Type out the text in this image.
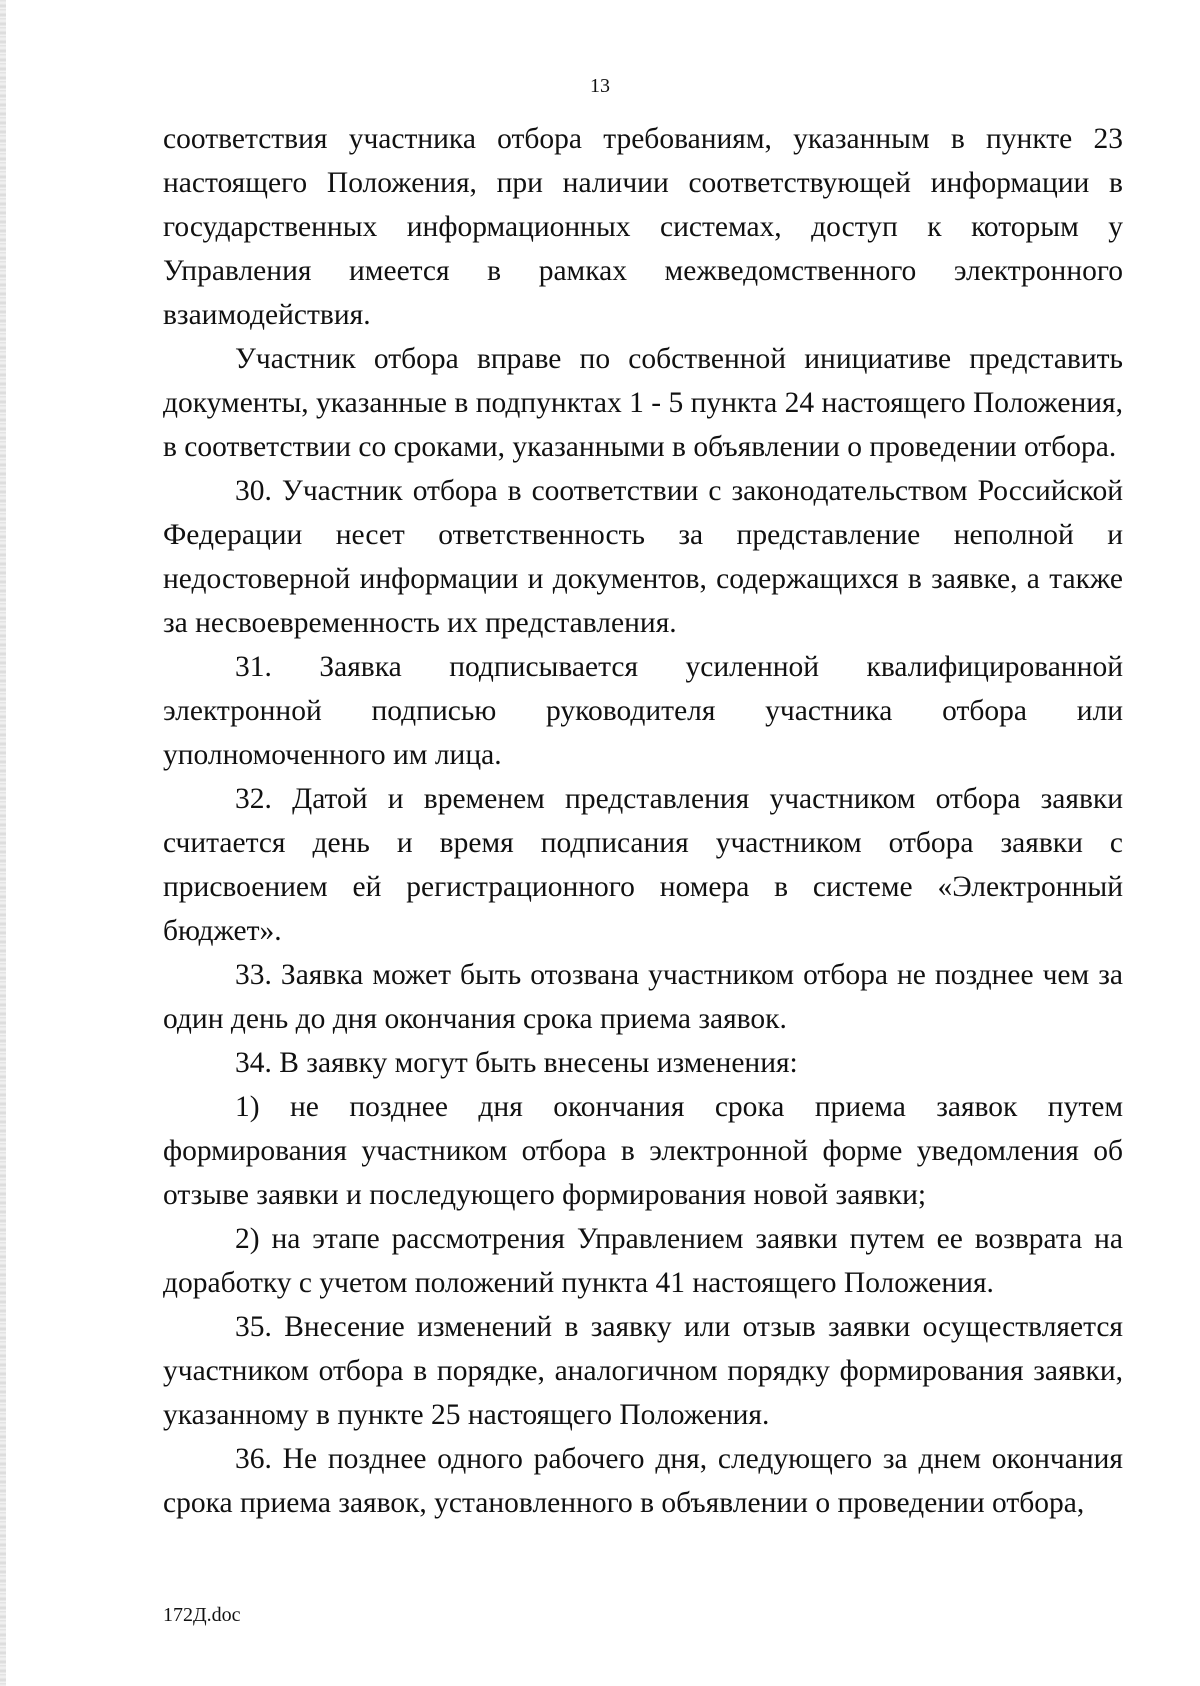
13

соответствия участника отбора требованиям, указанным в пункте 23 настоящего Положения, при наличии соответствующей информации в государственных информационных системах, доступ к которым у Управления имеется в рамках межведомственного электронного взаимодействия.

Участник отбора вправе по собственной инициативе представить документы, указанные в подпунктах 1 - 5 пункта 24 настоящего Положения, в соответствии со сроками, указанными в объявлении о проведении отбора.

30. Участник отбора в соответствии с законодательством Российской Федерации несет ответственность за представление неполной и недостоверной информации и документов, содержащихся в заявке, а также за несвоевременность их представления.

31. Заявка подписывается усиленной квалифицированной электронной подписью руководителя участника отбора или уполномоченного им лица.

32. Датой и временем представления участником отбора заявки считается день и время подписания участником отбора заявки с присвоением ей регистрационного номера в системе «Электронный бюджет».

33. Заявка может быть отозвана участником отбора не позднее чем за один день до дня окончания срока приема заявок.

34. В заявку могут быть внесены изменения:

1) не позднее дня окончания срока приема заявок путем формирования участником отбора в электронной форме уведомления об отзыве заявки и последующего формирования новой заявки;

2) на этапе рассмотрения Управлением заявки путем ее возврата на доработку с учетом положений пункта 41 настоящего Положения.

35. Внесение изменений в заявку или отзыв заявки осуществляется участником отбора в порядке, аналогичном порядку формирования заявки, указанному в пункте 25 настоящего Положения.

36. Не позднее одного рабочего дня, следующего за днем окончания срока приема заявок, установленного в объявлении о проведении отбора,

172Д.doc
